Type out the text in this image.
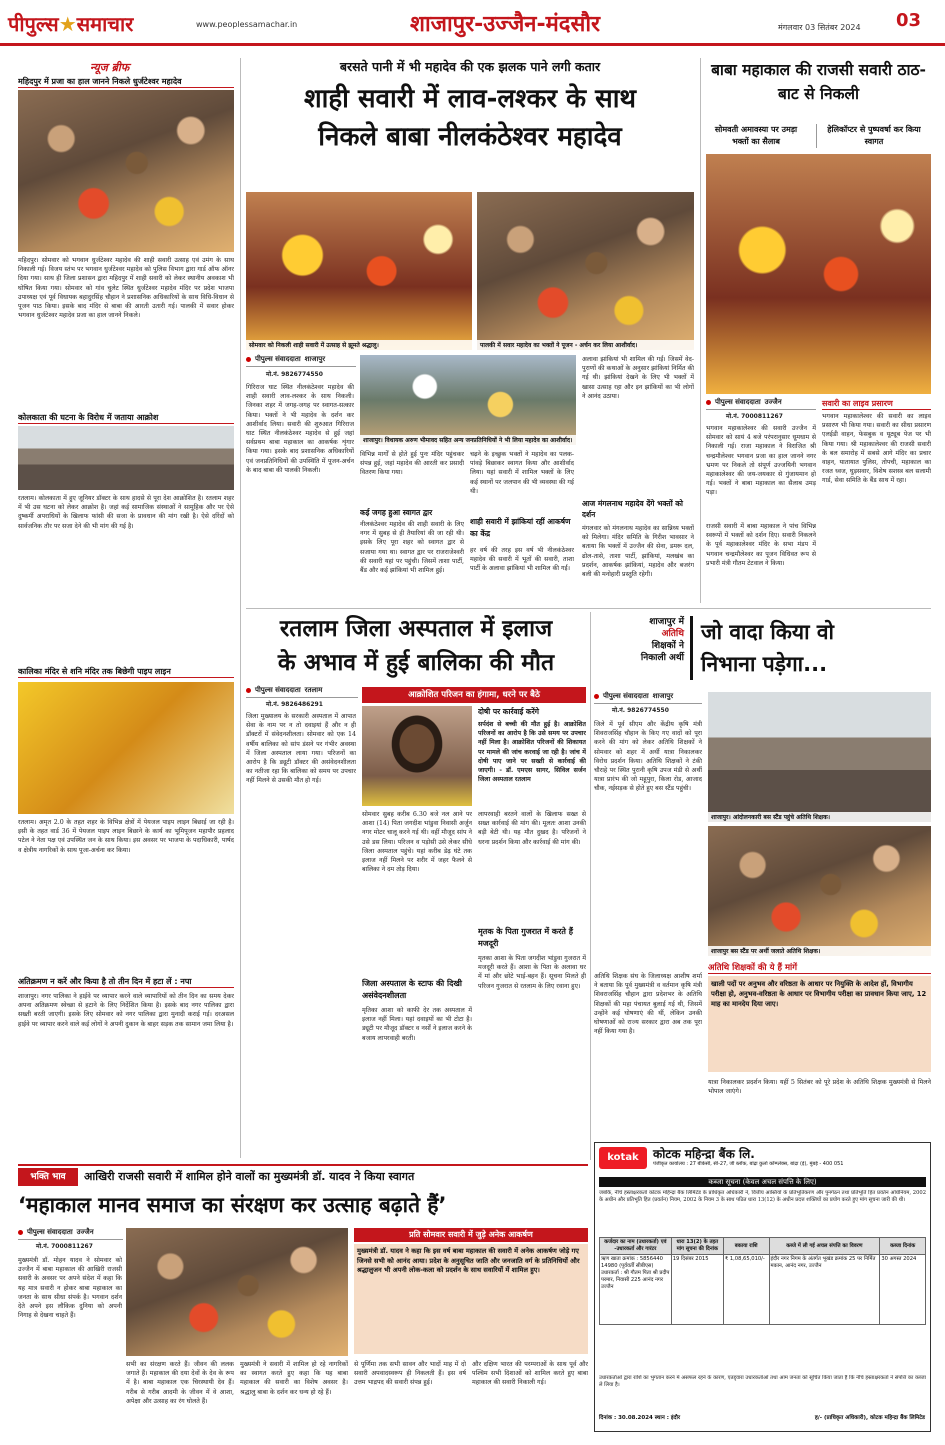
पीपुल्स★समाचार	www.peoplessamachar.in	शाजापुर-उज्जैन-मंदसौर	मंगलवार 03 सितंबर 2024 03
न्यूज ब्रीफ
महिदपुर में प्रजा का हाल जानने निकले धुर्जटेश्वर महादेव
महिदपुर। सोमवार को भगवान धुर्जटेश्वर महादेव की शाही सवारी उत्साह एवं उमंग के साथ निकाली गई। विजय स्तंभ पर भगवान धुर्जटेश्वर महादेव को पुलिस विभाग द्वारा गार्ड ऑफ ऑनर दिया गया। साथ ही जिला प्रशासन द्वारा महिदपुर में शाही सवारी को लेकर स्थानीय अवकाश भी घोषित किया गया। सोमवार को गांव चुलेट स्थित धुर्जटेश्वर महादेव मंदिर पर प्रदेश भाजपा उपाध्यक्ष एवं पूर्व विधायक बहादुरसिंह चौहान ने प्रशासनिक अधिकारियों के साथ विधि-विधान से पूजन पाठ किया। इसके बाद मंदिर से बाबा की आरती उतारी गई। पालकी में सवार होकर भगवान धुर्जटेश्वर महादेव प्रजा का हाल जानने निकले।
कोलकाता की घटना के विरोध में जताया आक्रोश
रतलाम। कोलकाता में हुए जूनियर डॉक्टर के साथ हादसे से पूरा देश आक्रोशित है। रतलाम शहर में भी उस घटना को लेकर आक्रोश है। जहां कई सामाजिक संस्थाओं ने सामूहिक और पर ऐसे दुष्कर्मी अपराधियों के खिलाफ फांसी की सजा के प्रावधान की मांग रखी है। ऐसे दरिंदों को सार्वजनिक तौर पर सजा देने की भी मांग की गई है।
कालिका मंदिर से शनि मंदिर तक बिछेगी पाइप लाइन
रतलाम। अमृत 2.0 के तहत शहर के विभिन्न क्षेत्रों में पेयजल पाइप लाइन बिछाई जा रही है। इसी के तहत वार्ड 36 में पेयजल पाइप लाइन बिछाने के कार्य का भूमिपूजन महापौर प्रहलाद पटेल ने नेता पक्ष एवं उपस्थित जन के साथ किया। इस अवसर पर भाजपा के पदाधिकारी, पार्षद व क्षेत्रीय नागरिकों के साथ पूजा-अर्चना कर किया।
अतिक्रमण न करें और किया है तो तीन दिन में हटा लें : नपा
शाजापुर। नगर पालिका ने हाईवे पर व्यापार करने वाले व्यापारियों को तीन दिन का समय देकर अपना अतिक्रमण स्वेच्छा से हटाने के लिए निर्देशित किया है। इसके बाद नगर पालिका द्वारा सख्ती बरती जाएगी। इसके लिए सोमवार को नगर पालिका द्वारा मुनादी कराई गई। दरअसल हाईवे पर व्यापार करने वाले कई लोगों ने अपनी दुकान के बाहर सड़क तक सामान जमा लिया है।
बरसते पानी में भी महादेव की एक झलक पाने लगी कतार
शाही सवारी में लाव-लश्कर के साथ
निकले बाबा नीलकंठेश्वर महादेव
सोमवार को निकली शाही सवारी में उत्साह से झूमते श्रद्धालु।	पालकी में सवार महादेव का भक्तों ने पूजन - अर्चन कर लिया आशीर्वाद।
पीपुल्स संवाददाता शाजापुर
मो.नं. 9826774550
गिरिराज घाट स्थित नीलकंठेश्वर महादेव की शाही सवारी लाव-लश्कर के साथ निकली। जिनका शहर में जगह-जगह पर स्वागत-सत्कार किया। भक्तों ने भी महादेव के दर्शन कर आशीर्वाद लिया। सवारी की शुरुआत गिरिराज घाट स्थित नीलकंठेश्वर महादेव से हुई जहां सर्वप्रथम बाबा महाकाल का आकर्षक शृंगार किया गया। इसके बाद प्रशासनिक अधिकारियों एवं जनप्रतिनिधियों की उपस्थिति में पूजन-अर्चन के बाद बाबा की पालकी निकली।
शाजापुर। विधायक अरुण भीमावद सहित अन्य जनप्रतिनिधियों ने भी लिया महादेव का आशीर्वाद।
विभिन्न मार्गों से होते हुई पुनः मंदिर पहुंचकर संपन्न हुई, जहां महादेव की आरती कर प्रसादी वितरण किया गया।
कई जगह हुआ स्वागत द्वार
नीलकंठेश्वर महादेव की शाही सवारी के लिए नगर में सुबह से ही तैयारियां की जा रही थी। इसके लिए पूरा शहर को स्वागत द्वार से सजाया गया था। स्वागत द्वार पर राजराजेश्वरी की सवारी यहां पर पहुंची। जिसमें ताशा पार्टी, बैंड और कई झांकियां भी शामिल हुई।
चढ़ने के इच्छुक भक्तों ने महादेव का पलक-पांवड़े बिछाकर स्वागत किया और आशीर्वाद लिया। यहां सवारी में शामिल भक्तों के लिए कई स्थानों पर जलपान की भी व्यवस्था की गई थी।
शाही सवारी में झांकियां रहीं आकर्षण का केंद्र
हर वर्ष की तरह इस वर्ष भी नीलकंठेश्वर महादेव की सवारी में भूतों की सवारी, ताशा पार्टी के अलावा झांकियां भी शामिल की गईं।
अलावा झांकियां भी शामिल की गईं। जिसमें वेद-पुराणों की कथाओं के अनुसार झांकियां निर्मित की गई थी। झांकियां देखने के लिए भी भक्तों में खासा उत्साह रहा और इन झांकियों का भी लोगों ने आनंद उठाया।
आज मंगलनाथ महादेव देंगे भक्तों को दर्शन
मंगलवार को मंगलनाथ महादेव का सान्निध्य भक्तों को मिलेगा। मंदिर समिति के गिरीश भावसार ने बताया कि भक्तों में उज्जैन की सेना, डमरू दल, ढोल-तासे, ताशा पार्टी, झांकियां, मलखंब का प्रदर्शन, आकर्षक झांकियां, महादेव और बजरंग बली की मनोहारी प्रस्तुति रहेगी।
बाबा महाकाल की राजसी सवारी ठाठ-बाट से निकली
सोमवती अमावस्या पर उमड़ा भक्तों का सैलाब
हेलिकॉप्टर से पुष्पवर्षा कर किया स्वागत
पीपुल्स संवाददाता उज्जैन
मो.नं. 7000811267
भगवान महाकालेश्वर की सवारी उज्जैन में सोमवार को सायं 4 बजे परंपरानुसार धूमधाम से निकाली गई। राजा महाकाल ने विराजित श्री चन्द्रमौलेश्वर भगवान प्रजा का हाल जानने नगर भ्रमण पर निकले तो संपूर्ण उज्जयिनी भगवान महाकालेश्वर की जय-जयकार से गुंजायमान हो गई। भक्तों ने बाबा महाकाल का सैलाब उमड़ पड़ा।
राजसी सवारी में बाबा महाकाल ने पांच विभिन्न स्वरूपों में भक्तों को दर्शन दिए। सवारी निकलने के पूर्व महाकालेश्वर मंदिर के सभा मंडप में भगवान चन्द्रमौलेश्वर का पूजन विधिवत रूप से प्रभारी मंत्री गौतम टेटवाल ने किया।
सवारी का लाइव प्रसारण
भगवान महाकालेश्वर की सवारी का लाइव प्रसारण भी किया गया। सवारी का सीधा प्रसारण एलईडी वाहन, फेसबुक व यूट्यूब पेज पर भी किया गया। श्री महाकालेश्वर की राजसी सवारी के बल समारोह में सबसे आगे मंदिर का प्रचार वाहन, यातायात पुलिस, तोपची, महाकाल का रजत ध्वज, घुड़सवार, विशेष सशस्त्र बल सलामी गार्ड, सेवा समिति के बैंड साथ में रहा।
रतलाम जिला अस्पताल में इलाज
के अभाव में हुई बालिका की मौत
पीपुल्स संवाददाता रतलाम
मो.नं. 9826486291
आक्रोशित परिजन का हंगामा, धरने पर बैठे
दोषी पर कार्रवाई करेंगे
सर्पदंश से बच्ची की मौत हुई है। आक्रोशित परिजनों का आरोप है कि उसे समय पर उपचार नहीं मिला है। आक्रोशित परिजनों की शिकायत पर मामले की जांच करवाई जा रही है। जांच में दोषी पाए जाने पर सख्ती से कार्रवाई की जाएगी। - डॉ. एमएस सागर, सिविल सर्जन जिला अस्पताल रतलाम
जिला मुख्यालय के सरकारी अस्पताल में आपात सेवा के नाम पर न तो दवाइयां हैं और न ही डॉक्टरों में संवेदनशीलता। सोमवार को एक 14 वर्षीय बालिका को सांप डंसने पर गंभीर अवस्था में जिला अस्पताल लाया गया। परिजनों का आरोप है कि ड्यूटी डॉक्टर की असंवेदनशीलता का नतीजा रहा कि बालिका को समय पर उपचार नहीं मिलने से उसकी मौत हो गई।
सोमवार सुबह करीब 6.30 बजे नल आने पर आशा (14) पिता जगदीश भांडुवा निवासी अर्जुन नगर मोटर चालू करने गई थी। वहीं मौजूद सांप ने उसे डस लिया। परिजन व पड़ोसी उसे लेकर सीधे जिला अस्पताल पहुंचे। यहां करीब डेढ़ घंटे तक इलाज नहीं मिलने पर शरीर में जहर फैलने से बालिका ने दम तोड़ दिया।
जिला अस्पताल के स्टाफ की दिखी असंवेदनशीलता
मृतिका आशा को काफी देर तक अस्पताल में इलाज नहीं मिला। यहां दवाइयों का भी टोटा है। ड्यूटी पर मौजूद डॉक्टर व नर्सों ने इलाज करने के बजाय लापरवाही बरती।
लापरवाही बरतने वालों के खिलाफ सख्त से सख्त कार्रवाई की मांग की। मूलतः आशा उनकी बड़ी बेटी थी। यह मौत दुखद है। परिजनों ने धरना प्रदर्शन किया और कार्रवाई की मांग की।
मृतक के पिता गुजरात में करते हैं मजदूरी
मृतका आशा के पिता जगदीश भांडुवा गुजरात में मजदूरी करते हैं। आशा के पिता के अलावा घर में मां और छोटे भाई-बहन हैं। सूचना मिलते ही परिजन गुजरात से रतलाम के लिए रवाना हुए।
शाजापुर में
अतिथि
शिक्षकों ने
निकाली अर्थी
जो वादा किया वो
निभाना पड़ेगा...
पीपुल्स संवाददाता शाजापुर
मो.नं. 9826774550
जिले में पूर्व सीएम और केंद्रीय कृषि मंत्री शिवराजसिंह चौहान के किए गए वादों को पूरा करने की मांग को लेकर अतिथि शिक्षकों ने सोमवार को शहर में अर्थी यात्रा निकालकर विरोध प्रदर्शन किया। अतिथि शिक्षकों ने टंकी चौराहे पर स्थित पुरानी कृषि उपज मंडी से अर्थी यात्रा प्रारंभ की जो महूपुरा, किला रोड, आजाद चौक, नईसड़क से होते हुए बस स्टैंड पहुंची।
अतिथि शिक्षक संघ के जिलाध्यक्ष आशीष शर्मा ने बताया कि पूर्व मुख्यमंत्री व वर्तमान कृषि मंत्री शिवराजसिंह चौहान द्वारा प्रदेशभर के अतिथि शिक्षकों की महा पंचायत बुलाई गई थी, जिसमें उन्होंने कई घोषणाएं की थीं, लेकिन उनकी घोषणाओं को राज्य सरकार द्वारा अब तक पूरा नहीं किया गया है।
शाजापुर। आंदोलनकारी बस स्टैंड पहुंचे अतिथि शिक्षक।
शाजापुर बस स्टैंड पर अर्थी जलाते अतिथि शिक्षक।
अतिथि शिक्षकों की ये हैं मांगें
खाली पदों पर अनुभव और वरिष्ठता के आधार पर नियुक्ति के आदेश हों, विभागीय परीक्षा हो, अनुभव-वरिष्ठता के आधार पर विभागीय परीक्षा का प्रावधान किया जाए, 12 माह का मानदेय दिया जाए।
यात्रा निकालकर प्रदर्शन किया। यहीं 5 सितंबर को पूरे प्रदेश के अतिथि शिक्षक मुख्यमंत्री से मिलने भोपाल जाएंगे।
kotak	कोटक महिन्द्रा बैंक लि.
पंजीकृत कार्यालय : 27 बीकेसी, सी-27, जी ब्लॉक, बांद्रा कुर्ला कॉम्प्लेक्स, बांद्रा (ई), मुंबई - 400 051
कब्जा सूचना (केवल अचल संपत्ति के लिए)
जबकि, नीचे हस्ताक्षरकर्ता कोटक महिन्द्रा बैंक लिमिटेड के प्राधिकृत अधिकारी ने, वित्तीय आस्तियों के प्रतिभूतिकरण और पुनर्गठन तथा प्रतिभूति हित प्रवर्तन अधिनियम, 2002 के अधीन और प्रतिभूति हित (प्रवर्तन) नियम, 2002 के नियम 3 के साथ पठित धारा 13(12) के अधीन प्रदत्त शक्तियों का प्रयोग करते हुए मांग सूचना जारी की थी।
कर्जदार का नाम (उधारकर्ता) एवं -उधारकर्ता और गारंटर	धारा 13(2) के तहत मांग सूचना की दिनांक	बकाया राशि	कब्जे में ली गई अचल संपत्ति का विवरण	कब्जा दिनांक
ऋण खाता क्रमांक : 5856440 14980 (पूर्ववर्ती सीबीएस) उधारकर्ता : श्री गौतम पिता श्री प्रदीप परमार, निवासी 225 आनंद नगर उज्जैन	19 दिसंबर 2015	₹ 1,08,65,010/-	इंदौर नगर निगम के अंतर्गत भूखंड क्रमांक 25 पर निर्मित मकान, आनंद नगर, उज्जैन	30 अगस्त 2024
उधारकर्ताओं द्वारा राशि का भुगतान करने में असफल रहने के कारण, एतद्द्वारा उधारकर्ताओं तथा आम जनता को सूचित किया जाता है कि नीचे हस्ताक्षरकर्ता ने संपत्ति का कब्जा ले लिया है।
दिनांक : 30.08.2024 स्थान : इंदौर	ह/- (प्राधिकृत अधिकारी), कोटक महिन्द्रा बैंक लिमिटेड
भक्ति भाव	आखिरी राजसी सवारी में शामिल होने वालों का मुख्यमंत्री डॉ. यादव ने किया स्वागत
‘महाकाल मानव समाज का संरक्षण कर उत्साह बढ़ाते हैं’
पीपुल्स संवाददाता उज्जैन
मो.नं. 7000811267
मुख्यमंत्री डॉ. मोहन यादव ने सोमवार को उज्जैन में बाबा महाकाल की आखिरी राजसी सवारी के अवसर पर अपने संदेश में कहा कि यह मात्र सवारी न होकर बाबा महाकाल का जनता के साथ सीधा संपर्क है। भगवान दर्शन देते अपने इस लौकिक दुनिया को अपनी निगाह से देखना चाहते हैं।
सभी का संरक्षण करते हैं। जीवन की ललक जगाते हैं। महाकाल की दया देवों के देव के रूप में है। बाबा महाकाल एक चिरस्थायी देव हैं। गरीब से गरीब आदमी के जीवन में वे आशा, अपेक्षा और उत्साह का रंग घोलते हैं।
मुख्यमंत्री ने सवारी में शामिल हो रहे नागरिकों का स्वागत करते हुए कहा कि यह बाबा महाकाल की सवारी का विशेष अवसर है। श्रद्धालु बाबा के दर्शन कर धन्य हो रहे हैं।
प्रति सोमवार सवारी में जुड़े अनेक आकर्षण
मुख्यमंत्री डॉ. यादव ने कहा कि इस वर्ष बाबा महाकाल की सवारी में अनेक आकर्षण जोड़े गए जिनसे सभी को आनंद आया। प्रदेश के अनुसूचित जाति और जनजाति वर्ग के प्रतिनिधियों और श्रद्धालुजन भी अपनी लोक-कला को प्रदर्शन के साथ सवारियों में शामिल हुए।
से पूर्णिमा तक सभी सावन और भादों माह में दो सवारी अपवादस्वरूप ही निकलती हैं। इस वर्ष उत्तम भाद्रपद की सवारी संपन्न हुई।
और दक्षिण भारत की परम्पराओं के साथ पूर्व और पश्चिम सभी दिशाओं को शामिल करते हुए बाबा महाकाल की सवारी निकाली गई।
